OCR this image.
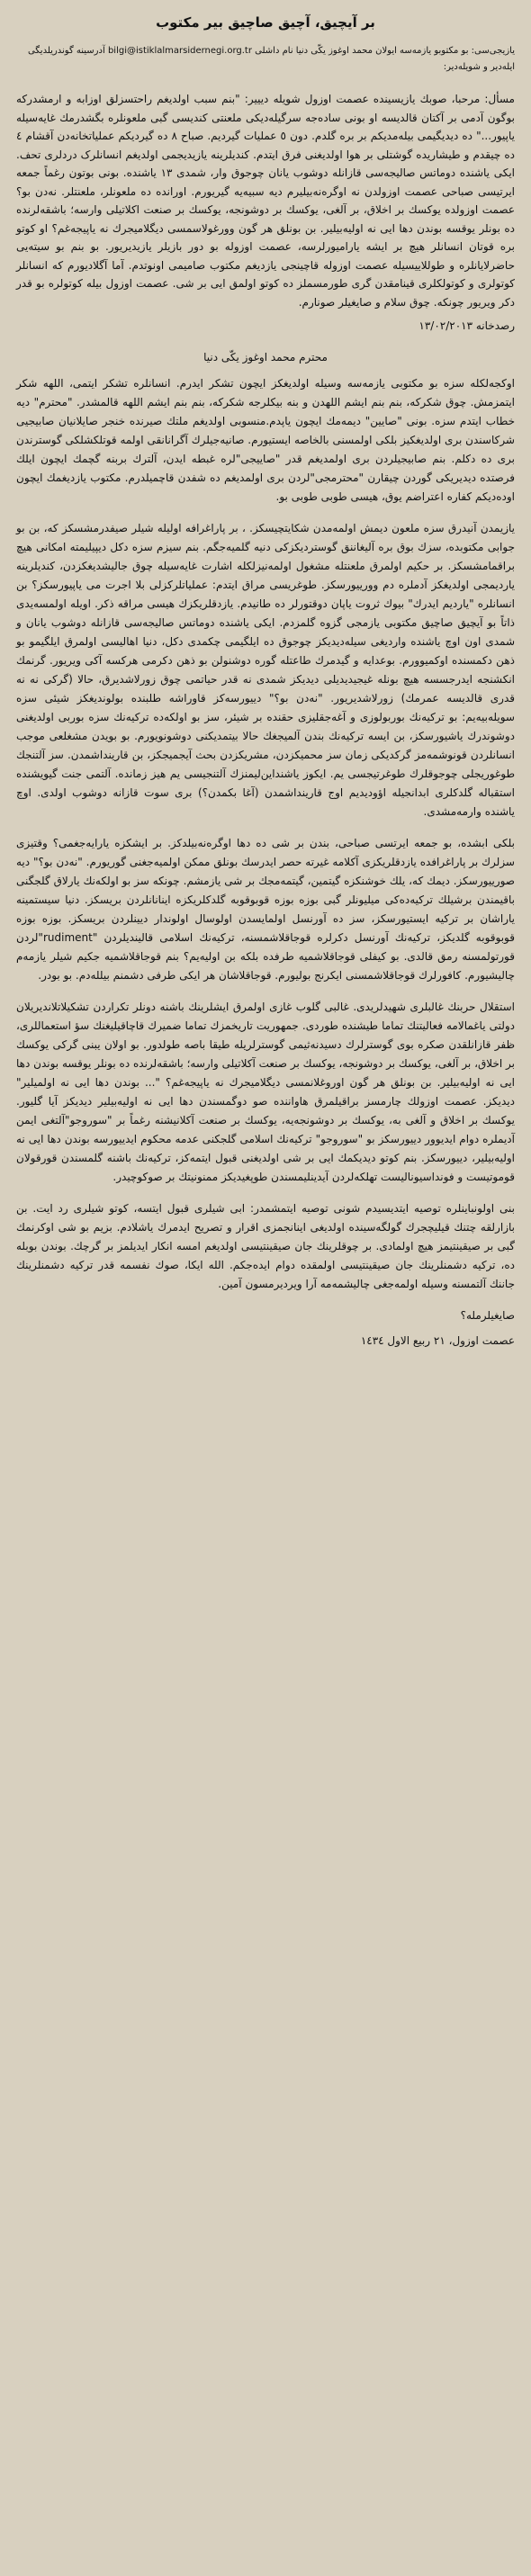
بر آیچیق، آچیق صاچیق بیر مکتوب
یازیجی‌سی: بو مکتوبو یازمه‌سه ایولان محمد اوغوز یکّی دنیا نام داشلی bilgi@istiklalmarsidernegi.org.tr آدرسینه گوندریلدیگی ایله‌دیر و شویله‌دیر:
مسأل: مرحبا، صوبك یازیسینده عصمت اوزول شویله دیییر: "بنم سبب اولدیغم راحتسزلق اوزابه و ارمشدرکه بوگون آدمی بر آکتان قالدیسه او بونی ساده‌جه سرگیله‌دیکی ملعنتی کندیسی گبی ملعونلره بگشدرمك غایه‌سیله یاپیور..." ده دیدیگیمی بیله‌مدیکم بر بره گلدم. دون ٥ عملیات گیردیم. صباح ٨ ده گیردیکم عملیاتخانه‌دن آقشام ٤ ده چیقدم و طیشاریده گوشتلی بر هوا اولدیغنی فرق ایتدم. کندیلرینه یازیدیجمی اولدیغم انسانلرک دردلری تحف. ایکی یاشنده دوماتس صالیجه‌سی قازانله دوشوب یانان چوجوق وار، شمدی ١٣ یاشنده. بونی بوتون رغماً جمعه ایرتیسی صباحی عصمت اوزولدن نه اوگره‌نه‌بیلیرم دیه سبیه‌یه گیریورم. اورانده ده ملعونلر، ملعنتلر. نه‌دن بو؟ عصمت اوزولده یوکسك بر اخلاق، بر آلغی، یوکسك بر دوشونجه، یوکسك بر صنعت اکلاتیلی وارسه؛ باشقه‌لرنده ده بونلر یوقسه بوندن دها ایی نه اولیه‌بیلیر. بن بونلق هر گون وورغولاسمسی دیگلامیجرك نه یاپیجه‌غم؟ او کوتو بره قوتان انسانلر هیچ بر ایشه یارامیورلرسه، عصمت اوزوله بو دور بازیلر یازیدیریور. بو بنم بو سیته‌یی حاضرلایانلره و طوللاییسیله عصمت اوزوله قاچینجی یازدیغم مکتوب صامیمی اونوتدم. آما آگلادیورم که انسانلر کوتولری و کوتولکلری قینامقدن گری طورمسملز ده کوتو اولمق ایی بر شی. عصمت اوزول بیله کوتولره بو قدر دکر ویریور چونکه. چوق سلام و صایغیلر صونارم.
رصدخانه ١٣/٠٢/٢٠١٣
محترم محمد اوغوز یکّی دنیا
اوکجه‌لکله سزه بو مکتوبی یازمه‌سه وسیله اولدیغکز ایچون تشکر ایدرم. انسانلره تشکر ایتمی، اللهه شکر ایتمزمش. چوق شکرکه، بنم بنم ایشم اللهدن و بنه بیکلرجه شکرکه، بنم بنم ایشم اللهه قالمشدر. "محترم" دیه خطاب ایتدم سزه. بونی "صایین" دیمه‌مك ایچون یاپدم.منسوبی اولدیغم ملتك صیرنده خنجر صایلانیان صابیجیی شرکاسندن بری اولدیغکیز بلکی اولمسنی بالخاصه ایستیورم. صانیه‌جیلرك آگرانانقی اولمه قوتلکشلکی گوسترندن بری ده دکلم. بنم صابیجیلردن بری اولمدیغم قدر "صاییجی"لره غبطه ایدن، آلترك بربنه گچمك ایچون ایلك فرصتده دیدیریکی گوردن چیقارن "محترمجی"لردن بری اولمدیغم ده شفدن قاچمیلدرم. مکتوب یازدیغمك ایچون اوده‌دیکم کفاره اعتراضم یوق، هیسی طوبی طوبی بو.
یازیمدن آنیدرق سزه ملعون دیمش اولمه‌مدن شکایتچیسکز. ، بر پاراغرافه اولیله شیلر صیفدرمشسکز که، بن بو جوابی مکتوبده، سزك بوق بره آلیغاننق گوستردیکزکی دنیه گلمیه‌جگم. بنم سیزم سزه دکل دیپیلیمته امکانی هیچ براقمامشسکز. بر حکیم اولمرق ملعنتله مشغول اولمه‌نیزلکله اشارت غایه‌سیله چوق جالیشدیغکزدن، کندیلرینه یاردیمجی اولدیغکز آدملره دم وورییورسکز. طوغریسی مراق ایتدم: عملیاتلرکزلی بلا اجرت می یاپیورسکز؟ بن انسانلره "یاردیم ایدرك" بیوك ثروت یاپان دوقتورلر ده طانیدم. یازدقلریکزك هیسی مراقه ذکر. اویله اولمسه‌یدی ذاتاً بو آیچیق صاچیق مکتوبی یازمجی گزوه گلمزدم. ایکی یاشنده دوماتس صالیجه‌سی قازانله دوشوب یانان و شمدی اون اوچ یاشنده واردیغی سیله‌دیدیکز چوجوق ده ایلگیمی چکمدی دکل، دنیا اهالیسی اولمرق ایلگیمو بو ذهن دکمسنده اوکمیوورم. بوعدایه و گیدمرك طاعتله گوره دوشنولن بو ذهن دکرمی هرکسه آکی ویریور. گرنمك انکشنجه ایدرجسسه هیچ بونله غیجیدیدیلی دیدیکز شمدی نه قدر حیاتمی چوق زورلاشدیرق، حالا (گرکی نه نه قدری قالدیسه عمرمك) زورلاشدیریور. "نه‌دن بو؟" دییورسه‌کز قاوراشه طلبنده بولوندیغکز شیئی سزه سویله‌بیه‌یم: بو ترکیه‌نك بوربولوزی و آغه‌جقلیزی حقنده بر شیئر، سز بو اولکه‌ده ترکیه‌نك سزه بوربی اولدیغنی دوشوندرك یاشیورسکز، بن ایسه ترکیه‌نك بندن آلمیجغك حالا بیتمدیکنی دوشونویورم. بو بویدن مشغلعی موجب انسانلردن قونوشمه‌مز گرکدیکی زمان سز محمیکزدن، مشریکزدن بحث آیجمیجکز، بن قارینداشمدن. سز آلتنجك طوغوریجلی چوجوقلرك طوغرتیجسی یم. ایکوز یاشنداین‌لیمنزك آلتنجیسی یم هیز زمانده. آلتمی جنت گیویشنده استقباله گلدکلری ابدانجیله اؤودیدیم اوج قارینداشمدن (آغا بکمدن؟) بری سوت قازانه دوشوب اولدی. اوچ یاشنده وارمه‌مشدی.
بلکی ابشده، بو جمعه ایرتسی صباحی، بندن بر شی ده دها اوگره‌نه‌بیلدکز. بر ایشکزه یارایه‌جغمی؟ وقتیزی سزلرك بر پاراغرافده یازدقلریکزی آکلامه غیرته حصر ایدرسك بونلق ممکن اولمیه‌جغنی گوریورم. "نه‌دن بو؟" دیه صورییورسکز. دیمك که، یلك خوشنکزه گیتمین، گیتمه‌مجك بر شی یازمشم. چونکه سز بو اولکه‌نك یارلاق گلجگنی باقیمندن برشیلك ترکیه‌ده‌کی میلیونلر گبی بوزه بوزه قوبوقوبه گلدکلریکزه اینانانلردن بریسکز. دنیا سیستمینه یاراشان بر ترکیه ایستیورسکز، سز ده آورنسل اولمایسدن اولوسال اولوندار دیینلردن بریسکز. بوزه بوزه قوبوقوبه گلدیکز، ترکیه‌نك آورنسل دکرلره قوجاقلاشمسنه، ترکیه‌نك اسلامی قالیندیلردن "rudiment"لردن قورتولمسنه رمق قالدی. بو کیفلی قوجاقلاشمیه طرفده بلکه بن اولیه‌یم؟ بنم قوجاقلاشمیه جکیم شیلر یازمه‌م چالیشیورم. کافورلرك قوجاقلاشمسنی ایکرنج بولیورم. قوجاقلاشان هر ایکی طرفی دشمنم بیلله‌دم. بو بودر.
استقلال حربنك غالبلری شهیدلریدی. غالبی گلوب غازی اولمرق ایشلرینك باشنه دونلر تکراردن تشکیلاتلاندیریلان دولتی یاغمالامه فعالیتنك تماما طیشنده طوردی. جمهوریت تاریخمزك تماما ضمیرك قاچاقیلیغنك سؤ استعماللری، ظفر قازانلقدن صکره بوی گوسترلرك دسیدنه‌ثیمی گوسترلریله طیقا باصه طولدور. بو اولان یبنی گرکی یوکسك بر اخلاق، بر آلغی، یوکسك بر دوشونجه، یوکسك بر صنعت آکلاتیلی وارسه؛ باشقه‌لرنده ده بونلر یوقسه بوندن دها ایی نه اولیه‌بیلیر. بن بونلق هر گون اوروغلانمسی دیگلامیجرك نه یاپیجه‌غم؟ "... بوندن دها ایی نه اولمیلیر" دیدیکز. عصمت اوزولك چارمسز براقیلمرق هاواننده صو دوگمسندن دها ایی نه اولیه‌بیلیر دیدیکز آیا گلیور. یوکسك بر اخلاق و آلغی به، یوکسك بر دوشونجه‌یه، یوکسك بر صنعت آکلانیشنه رغماً بر "سوروجو"آلتغی ایمن آدیملره دوام ایدیوور دییورسکز بو "سوروجو" ترکیه‌نك اسلامی گلجکنی عدمه محکوم ایدییورسه بوندن دها ایی نه اولیه‌بیلیر، دییورسکز. بنم کوتو دیدیکمك ایی بر شی اولدیغنی قبول ایتمه‌کز، ترکیه‌نك باشنه گلمسندن قورقولان قوموتیست و فونداسیونالیست تهلکه‌لردن آیدینلیمسندن طوپغیدیکز ممنونیتك بر صوکوچیدر.
بنی اولونباینلره توصیه ایتدیسیدم شونی توصیه ایتمشمدر: ابی شیلری قبول ایتسه، کوتو شیلری رد ایت. بن بازارلقه چتنك قیلیچجرك گولگه‌سینده اولدیغی اینانجمزی اقرار و تصریح ایدمرك یاشلادم. بزیم بو شی اوکرنمك گبی بر صیقینتیمز هیچ اولمادی. بر چوقلرینك جان صیقینتیسی اولدیغم امسه انکار ایدیلمز بر گرچك. بوندن بوبله ده، ترکیه دشمنلرینك جان صیقینتیسی اولمقده دوام ایده‌جکم. الله ایکا، صوك نفسمه قدر ترکیه دشمنلرینك جاننك آلتمسنه وسیله اولمه‌جغی چالیشمه‌مه آرا ویردیرمسون آمین.
صایغیلرمله؟
عصمت اوزول، ٢١ ربیع الاول ١٤٣٤
